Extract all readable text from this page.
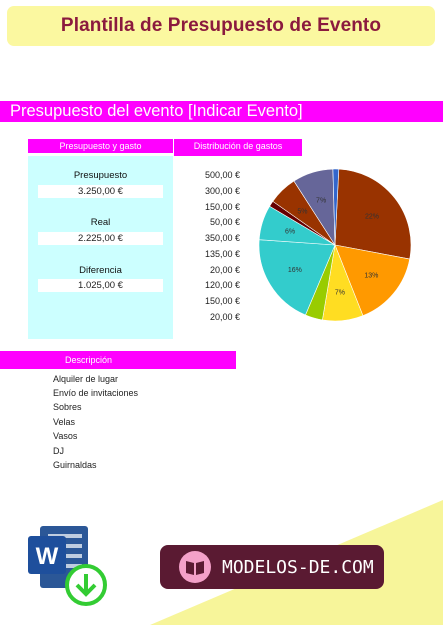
Plantilla de Presupuesto de Evento
Presupuesto del evento [Indicar Evento]
Presupuesto y gasto	Distribución de gastos
Presupuesto
3.250,00 €
Real
2.225,00 €
Diferencia
1.025,00 €
500,00 €
300,00 €
150,00 €
50,00 €
350,00 €
135,00 €
20,00 €
120,00 €
150,00 €
20,00 €
22%
13%
7%
16%
6%
5%
7%
Descripción
Alquiler de lugar
Envío de invitaciones
Sobres
Velas
Vasos
DJ
Guirnaldas
W	MODELOS-DE.COM
